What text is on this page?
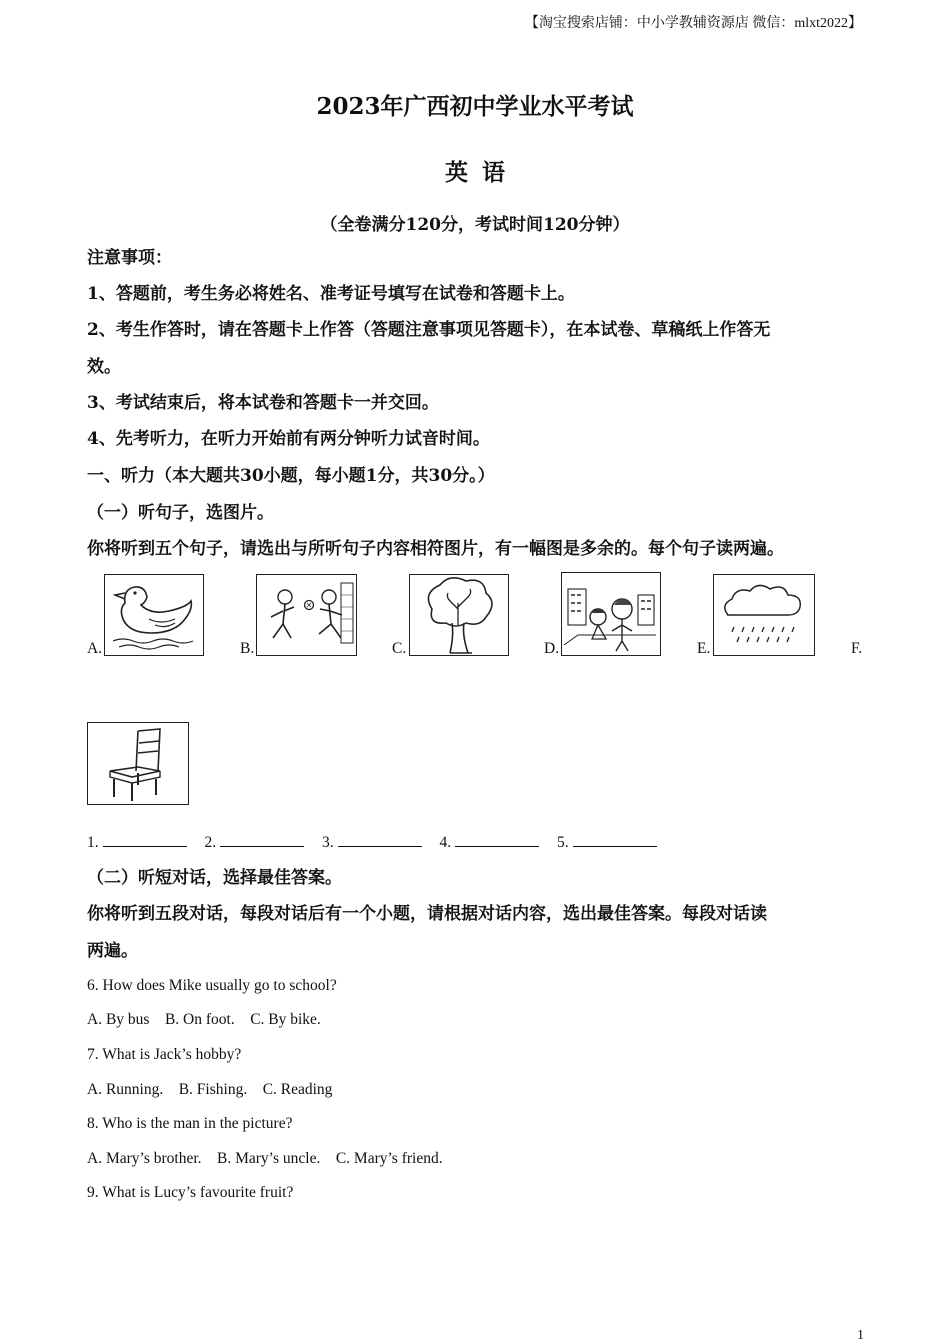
【淘宝搜索店铺：中小学教辅资源店 微信：mlxt2022】
2023年广西初中学业水平考试
英语
（全卷满分120分，考试时间120分钟）
注意事项：
1、答题前，考生务必将姓名、准考证号填写在试卷和答题卡上。
2、考生作答时，请在答题卡上作答（答题注意事项见答题卡），在本试卷、草稿纸上作答无
效。
3、考试结束后，将本试卷和答题卡一并交回。
4、先考听力，在听力开始前有两分钟听力试音时间。
一、听力（本大题共30小题，每小题1分，共30分。）
（一）听句子，选图片。
你将听到五个句子，请选出与所听句子内容相符图片，有一幅图是多余的。每个句子读两遍。
A.	B.	C.	D.	E.	F.
1.	2.	3.	4.	5.
（二）听短对话，选择最佳答案。
你将听到五段对话，每段对话后有一个小题，请根据对话内容，选出最佳答案。每段对话读
两遍。
6. How does Mike usually go to school?
A. By bus    B. On foot.    C. By bike.
7. What is Jack’s hobby?
A. Running.    B. Fishing.    C. Reading
8. Who is the man in the picture?
A. Mary’s brother.    B. Mary’s uncle.    C. Mary’s friend.
9. What is Lucy’s favourite fruit?
1
